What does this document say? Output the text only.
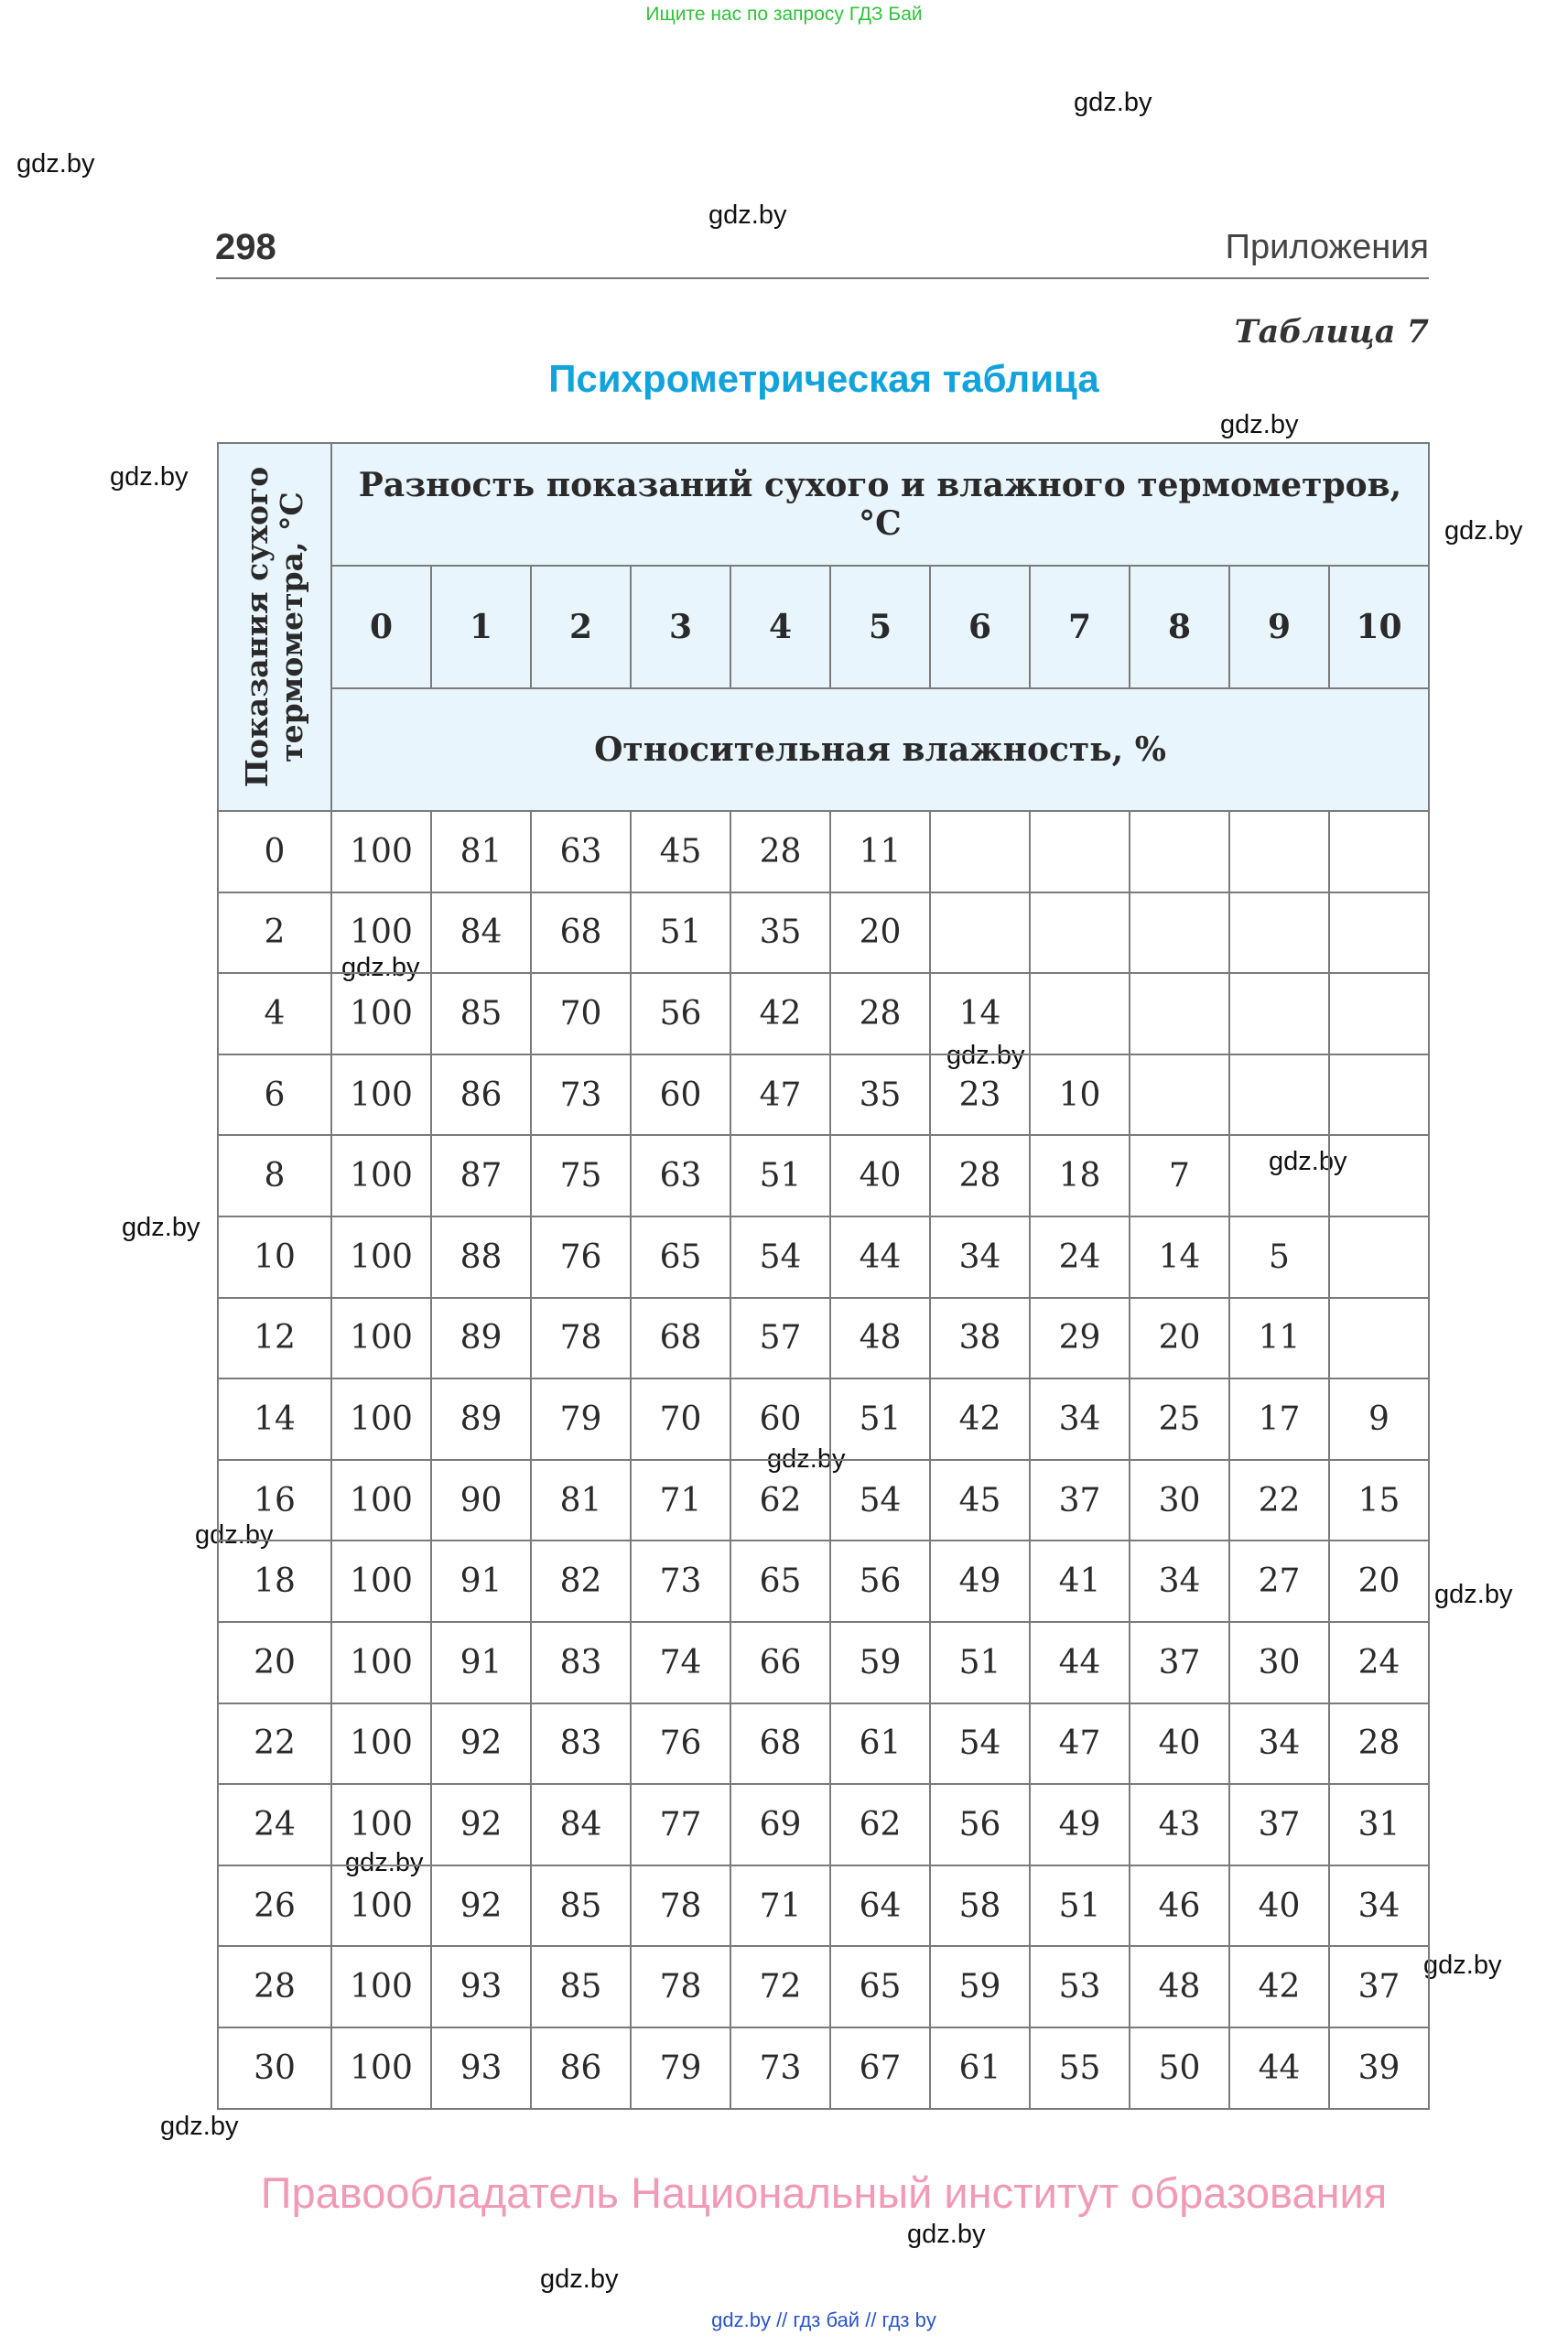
Ищите нас по запросу ГДЗ Бай
gdz.by
gdz.by
gdz.by
gdz.by
gdz.by
gdz.by
gdz.by
gdz.by
gdz.by
gdz.by
gdz.by
gdz.by
gdz.by
gdz.by
gdz.by
gdz.by
gdz.by
gdz.by
298	Приложения
Таблица 7
Психрометрическая таблица
Показания сухого
термометра, °C	Разность показаний сухого и влажного термометров, °C										
	0	1	2	3	4	5	6	7	8	9	10
	Относительная влажность, %										
0	100	81	63	45	28	11					
2	100	84	68	51	35	20					
4	100	85	70	56	42	28	14				
6	100	86	73	60	47	35	23	10			
8	100	87	75	63	51	40	28	18	7		
10	100	88	76	65	54	44	34	24	14	5	
12	100	89	78	68	57	48	38	29	20	11	
14	100	89	79	70	60	51	42	34	25	17	9
16	100	90	81	71	62	54	45	37	30	22	15
18	100	91	82	73	65	56	49	41	34	27	20
20	100	91	83	74	66	59	51	44	37	30	24
22	100	92	83	76	68	61	54	47	40	34	28
24	100	92	84	77	69	62	56	49	43	37	31
26	100	92	85	78	71	64	58	51	46	40	34
28	100	93	85	78	72	65	59	53	48	42	37
30	100	93	86	79	73	67	61	55	50	44	39
Правообладатель Национальный институт образования
gdz.by // гдз бай // гдз by
